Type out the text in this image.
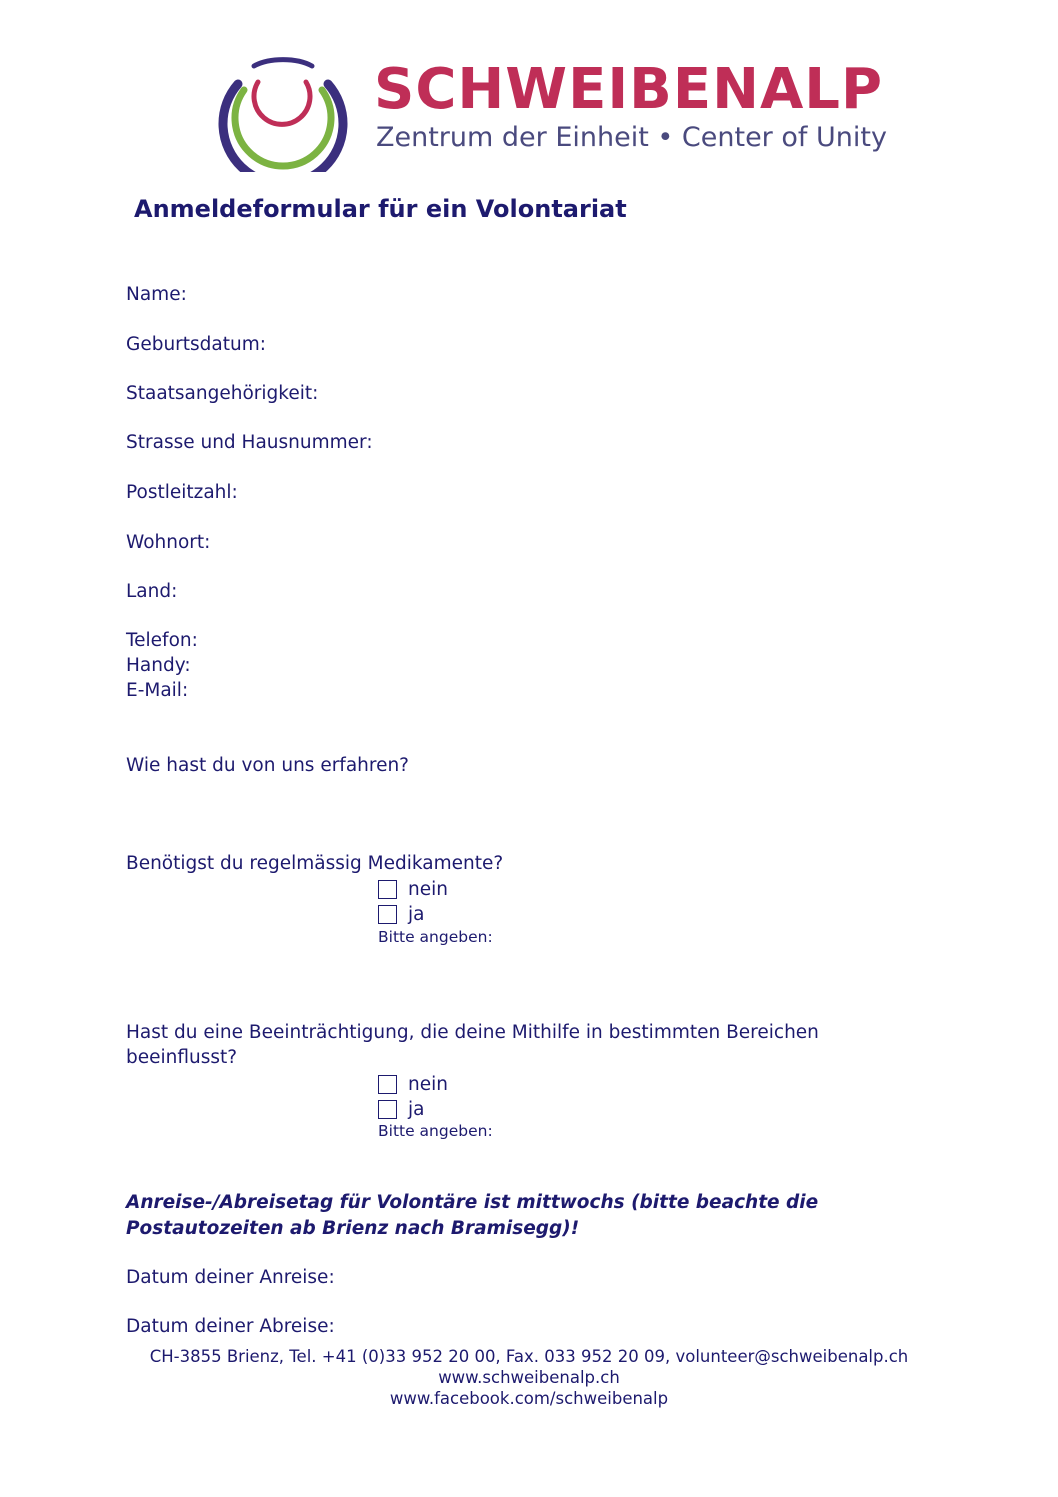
SCHWEIBENALP
Zentrum der Einheit • Center of Unity
Anmeldeformular für ein Volontariat
Name:
Geburtsdatum:
Staatsangehörigkeit:
Strasse und Hausnummer:
Postleitzahl:
Wohnort:
Land:
Telefon:
Handy:
E-Mail:
Wie hast du von uns erfahren?
Benötigst du regelmässig Medikamente?
nein
ja
Bitte angeben:
Hast du eine Beeinträchtigung, die deine Mithilfe in bestimmten Bereichen
beeinflusst?
nein
ja
Bitte angeben:
Anreise-/Abreisetag für Volontäre ist mittwochs (bitte beachte die
Postautozeiten ab Brienz nach Bramisegg)!
Datum deiner Anreise:
Datum deiner Abreise:
CH-3855 Brienz, Tel. +41 (0)33 952 20 00, Fax. 033 952 20 09, volunteer@schweibenalp.ch
www.schweibenalp.ch
www.facebook.com/schweibenalp
